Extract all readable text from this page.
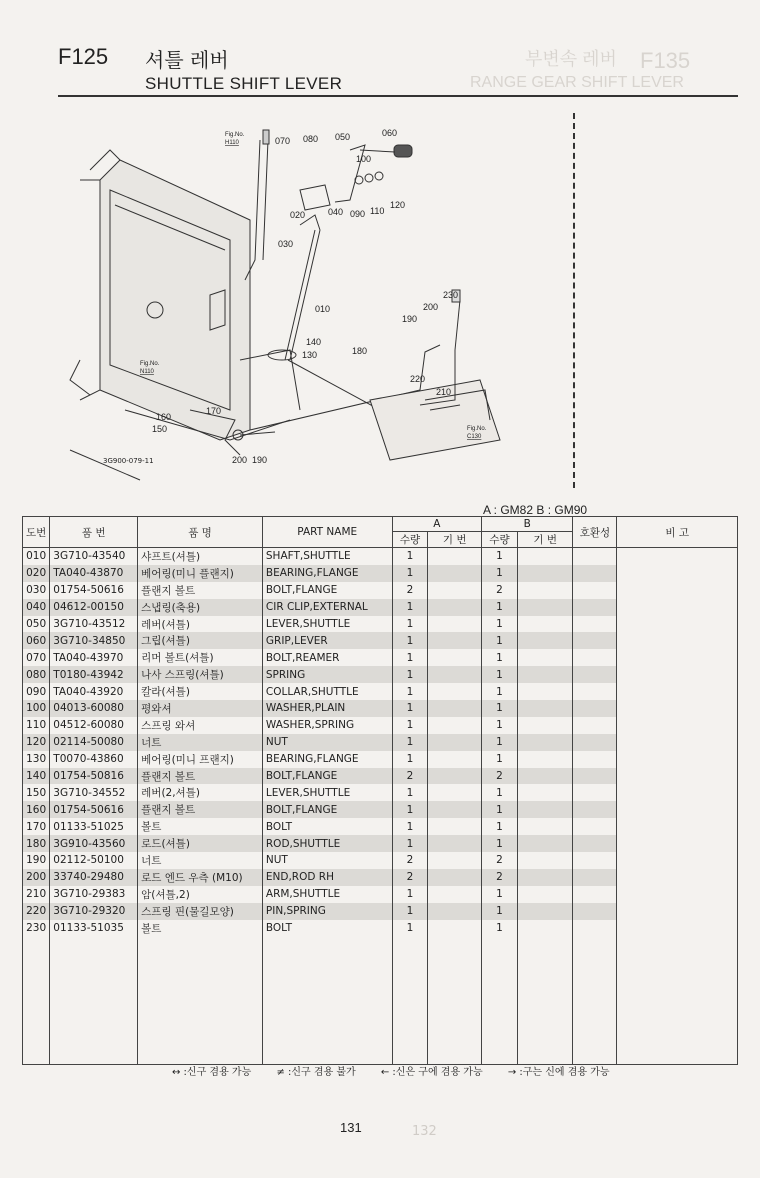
F135
부변속 레버
RANGE GEAR SHIFT LEVER
F125 셔틀 레버
SHUTTLE SHIFT LEVER
Fig.No.
H110
Fig.No.
N110
Fig.No.
C130
070 080 050	060
100
090 110
120
040
020
030
010
140
130	180
190
200
230
220
210
160
150
170
200 190
3G900-079-11
A : GM82 B : GM90
도번	품 번	품 명	PART NAME	A		B		호환성	비 고
				수량	기 번	수량	기 번		
010	3G710-43540	샤프트(셔틀)	SHAFT,SHUTTLE	1		1			
020	TA040-43870	베어링(미니 플랜지)	BEARING,FLANGE	1		1			
030	01754-50616	플랜지 볼트	BOLT,FLANGE	2		2			
040	04612-00150	스냅링(축용)	CIR CLIP,EXTERNAL	1		1			
050	3G710-43512	레버(셔틀)	LEVER,SHUTTLE	1		1			
060	3G710-34850	그립(셔틀)	GRIP,LEVER	1		1			
070	TA040-43970	리머 볼트(셔틀)	BOLT,REAMER	1		1			
080	T0180-43942	나사 스프링(셔틀)	SPRING	1		1			
090	TA040-43920	칼라(셔틀)	COLLAR,SHUTTLE	1		1			
100	04013-60080	평와셔	WASHER,PLAIN	1		1			
110	04512-60080	스프링 와셔	WASHER,SPRING	1		1			
120	02114-50080	너트	NUT	1		1			
130	T0070-43860	베어링(미니 프랜지)	BEARING,FLANGE	1		1			
140	01754-50816	플랜지 볼트	BOLT,FLANGE	2		2			
150	3G710-34552	레버(2,셔틀)	LEVER,SHUTTLE	1		1			
160	01754-50616	플랜지 볼트	BOLT,FLANGE	1		1			
170	01133-51025	볼트	BOLT	1		1			
180	3G910-43560	로드(셔틀)	ROD,SHUTTLE	1		1			
190	02112-50100	너트	NUT	2		2			
200	33740-29480	로드 엔드 우측 (M10)	END,ROD RH	2		2			
210	3G710-29383	암(셔틀,2)	ARM,SHUTTLE	1		1			
220	3G710-29320	스프링 핀(물길모양)	PIN,SPRING	1		1			
230	01133-51035	볼트	BOLT	1		1			

↔ :신구 겸용 가능	≠ :신구 겸용 불가	← :신은 구에 겸용 가능	→ :구는 신에 겸용 가능
131	132
